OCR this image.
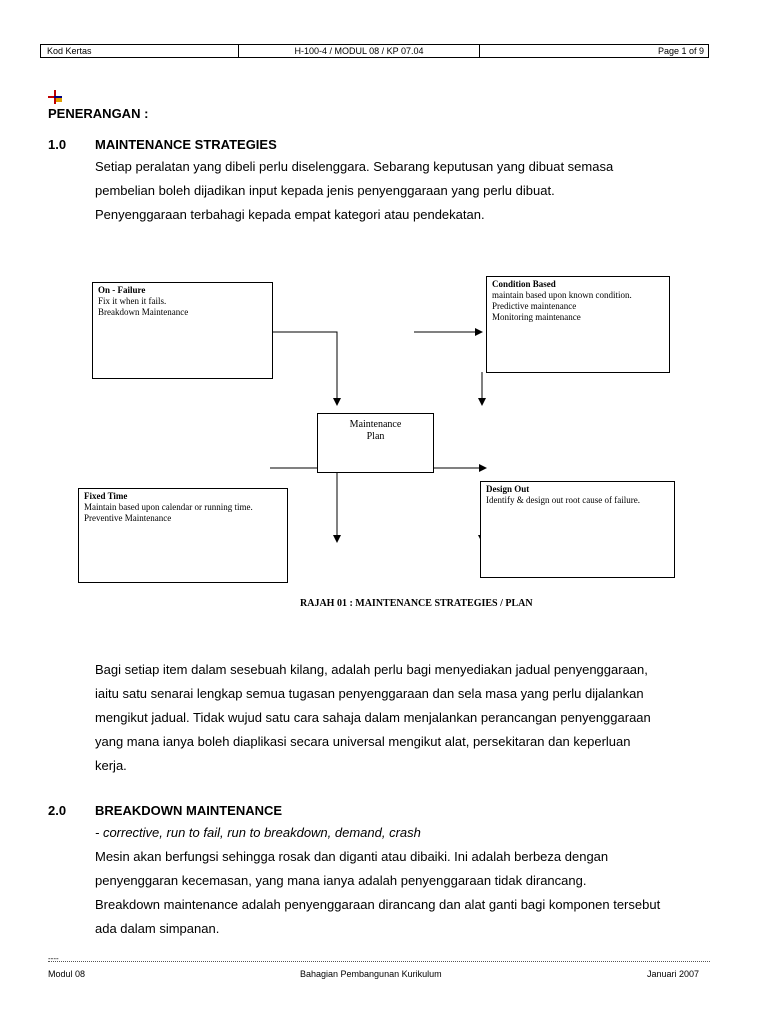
Kod Kertas	H-100-4 / MODUL 08 / KP 07.04	Page 1 of 9
PENERANGAN :
1.0 MAINTENANCE STRATEGIES
Setiap peralatan yang dibeli perlu diselenggara. Sebarang keputusan yang dibuat semasa
pembelian boleh dijadikan input kepada jenis penyenggaraan yang perlu dibuat.
Penyenggaraan terbahagi kepada empat kategori atau pendekatan.
On - Failure
Fix it when it fails.
Breakdown Maintenance
Condition Based
maintain based upon known condition.
Predictive maintenance
Monitoring maintenance
Maintenance
Plan
Fixed Time
Maintain based upon calendar or running time.
Preventive Maintenance
Design Out
Identify & design out root cause of failure.
RAJAH 01 : MAINTENANCE STRATEGIES / PLAN
Bagi setiap item dalam sesebuah kilang, adalah perlu bagi menyediakan jadual penyenggaraan,
iaitu satu senarai lengkap semua tugasan penyenggaraan dan sela masa yang perlu dijalankan
mengikut jadual. Tidak wujud satu cara sahaja dalam menjalankan perancangan penyenggaraan
yang mana ianya boleh diaplikasi secara universal mengikut alat, persekitaran dan keperluan
kerja.
2.0 BREAKDOWN MAINTENANCE
- corrective, run to fail, run to breakdown, demand, crash
Mesin akan berfungsi sehingga rosak dan diganti atau dibaiki. Ini adalah berbeza dengan
penyenggaran kecemasan, yang mana ianya adalah penyenggaraan tidak dirancang.
Breakdown maintenance adalah penyenggaraan dirancang dan alat ganti bagi komponen tersebut
ada dalam simpanan.
----
Modul 08	Bahagian Pembangunan Kurikulum	Januari 2007
